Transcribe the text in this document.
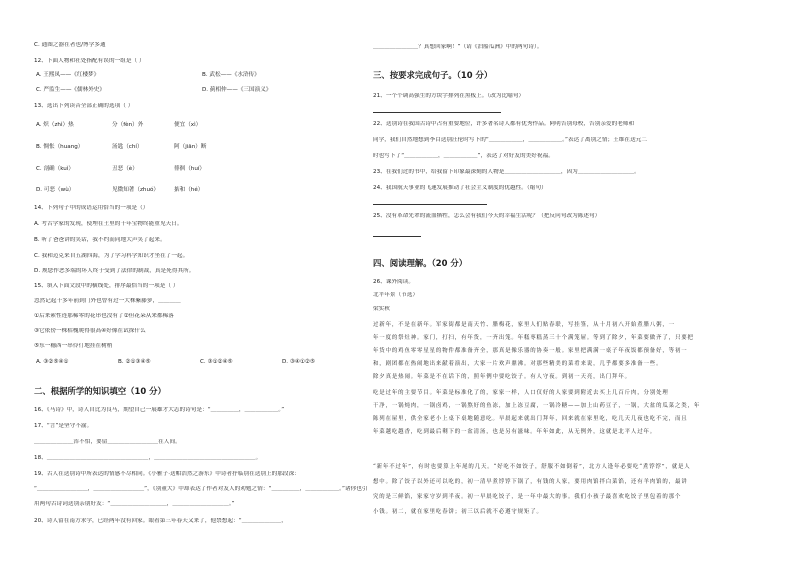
C. 通图之器在者也/博学多通
12、下面人物和社处指配有误的一组是（ ）
A. 王熙凤——《红楼梦》	B. 武松——《水浒传》
C. 严监生——《儒林外史》	D. 蓟相仲——《三国演义》
13、选出下列读音全部正确的选项（ ）
A. 炽（zhì）热	分（fèn）外	便宜（xì）
B. 惆怅（huang）	汤匙（chí）	阿（jiān）断
C. 剖确（kuì）	丑恶（è）	徘徊（huí）
D. 可恶（wù）	见微知著（zhuó）	掂和（hé）
14、下列句子中的成语运用恰当的一项是（）
A. 考古学家的发现，使埋在土里的千年宝物终能重见天日。
B. 听了爸爸讲的笑话，我不约而同地大声笑了起来。
C. 我和迈克来自五湖四海，为了学习科学知识才坐在了一起。
D. 规您作恶多端的坏人终于受到了法律的制裁，真是死得其所。
15、填入下面文段中的横线处，排序最恰当的一项是（ ）
忽然记起十多年前到门外也曾有过一大株紫藤萝，＿＿＿＿
①后来索性连那稀零的花串也没有了②但花朵从来都稀落
③它依傍一株枯槐爬得很高④好像在试探什么
⑤东一穗西一串伶仃地挂在树梢
A. ③②⑤④①	B. ②①③④⑤	C. ③①②④⑤	D. ③④①②⑤
二、根据所学的知识填空（10 分）
16、《马诗》中，诗人自比为良马，期望自己一展雄才大志的诗句是：“＿＿＿＿＿，＿＿＿＿＿＿。”
17、“言”是坚守不渝。
＿＿＿＿＿＿＿浑不怕，要留＿＿＿＿＿＿＿＿＿在人间。
18、＿＿＿＿＿＿＿＿＿＿＿＿＿＿＿＿＿＿，＿＿＿＿＿＿＿＿＿＿＿＿＿＿＿＿＿＿。
19、古人在送别诗中所表达的情感不尽相同。《小雅子·送帕浩然之游东》中诗者抒临别在送别上的那段深：
“＿＿＿＿＿＿＿＿＿，＿＿＿＿＿＿＿＿＿”，《别董大》中却表达了作者对友人的劝勉之情：“＿＿＿＿＿，＿＿＿＿＿＿。”诸你也引
用两句古诗词送别亲朋好友：“＿＿＿＿＿＿＿＿＿＿，＿＿＿＿＿＿＿＿＿＿。”
20、诗人留在南方求学，已经两年没有回家。眼看第三年春天又来了，他禁想起：“＿＿＿＿＿＿＿，
＿＿＿＿＿＿＿＿？真想回家啊！”（请《泊船瓜洲》中的两句诗）。
三、按要求完成句子。（10 分）
21、一个个调高强生的方块字排列在黑板上。（改为比喻句）
22、送别诗在我国古诗中占有重要地位，许多著名诗人都有优秀作品。阿明告别母校，告别亲爱的老师和
同学，我们自然地想到李白送别汪伦时写下的“＿＿＿＿＿＿，＿＿＿＿＿＿。”表达了离别之情；王维在送元二
时也写下了“＿＿＿＿＿＿，＿＿＿＿＿＿”，表达了对好友的美好祝福。
23、在我们过的书中，给我留下印象最深刻的人物是＿＿＿＿＿＿＿＿＿＿，因为＿＿＿＿＿＿＿＿＿＿。
24、我国航天事业的飞速发展推动了社会主义制度的优越性。（缩句）
25、没有革命先辈的流血牺牲，怎么会有我们今天的幸福生活呢？（把反问句改为陈述句）
四、阅读理解。（20 分）
26、课外阅读。
北平年景（节选）
梁实秋
过新年，不是在新年。军家街都是南天竹、腊梅花，家里人们贴春联，写挂签，从十月初八开始煮腊八粥，一
年一度的祭灶神。家门，打扫，有年货，一齐出笼。年糕枣糕蒸三十个满笼屉。等到了除夕，年菜要做齐了，只要把
年货中的鸡鱼零零星星的物件都准备齐全，那真是像乐器的协奏一般。家里把满满一桌子年夜饭都预备好，等初一
和，剧团都在热闹地出来献着演出，大家一片欢声鼎沸。对那些精美的菜肴来说，几乎都要多准备一些。
除夕真是热闹。年菜是不在话下的，照年例中要吃饺子。有人守夜。到初一天亮，出门拜年。
吃是过年的主要节目。年菜是标准化了的，家家一样，人口仅好的人家要到附近去买上几百斤肉，分别处理
干净，一锅炖肉，一锅卤鸡，一锅熬好的鱼冻，加上冻豆腐，一锅冷糖——加上山药豆子，一锅，大盆的瓜菜之类，年
陈列在屋里，供全家老小上桌下桌地随意吃。早晨起来就出门拜年，回来就在家里吃，吃几天几夜也吃不完，而且
年菜越吃越香，吃到最后剩下的一盆清汤，也是另有滋味。年年如此，从无例外，这就是北平人过年。
“新年不过年”，有时也要算上年尾的几天。“好吃不如饺子，舒服不如倒着”，北方人逢年必要吃“煮饽饽”，就是人
想中。除了饺子以外还可以吃的，初一清早煮饽饽下锅了，有钱的人家，要用肉馅拌白菜馅，还有羊肉馅的，最讲
究的是三鲜馅，家家守岁到半夜。初一早晨吃饺子，是一年中最大的事。我们小孩子最喜欢吃饺子里包着的那个
小钱。初二，就在家里吃春饼；初三以后就不必遵守规矩了。
